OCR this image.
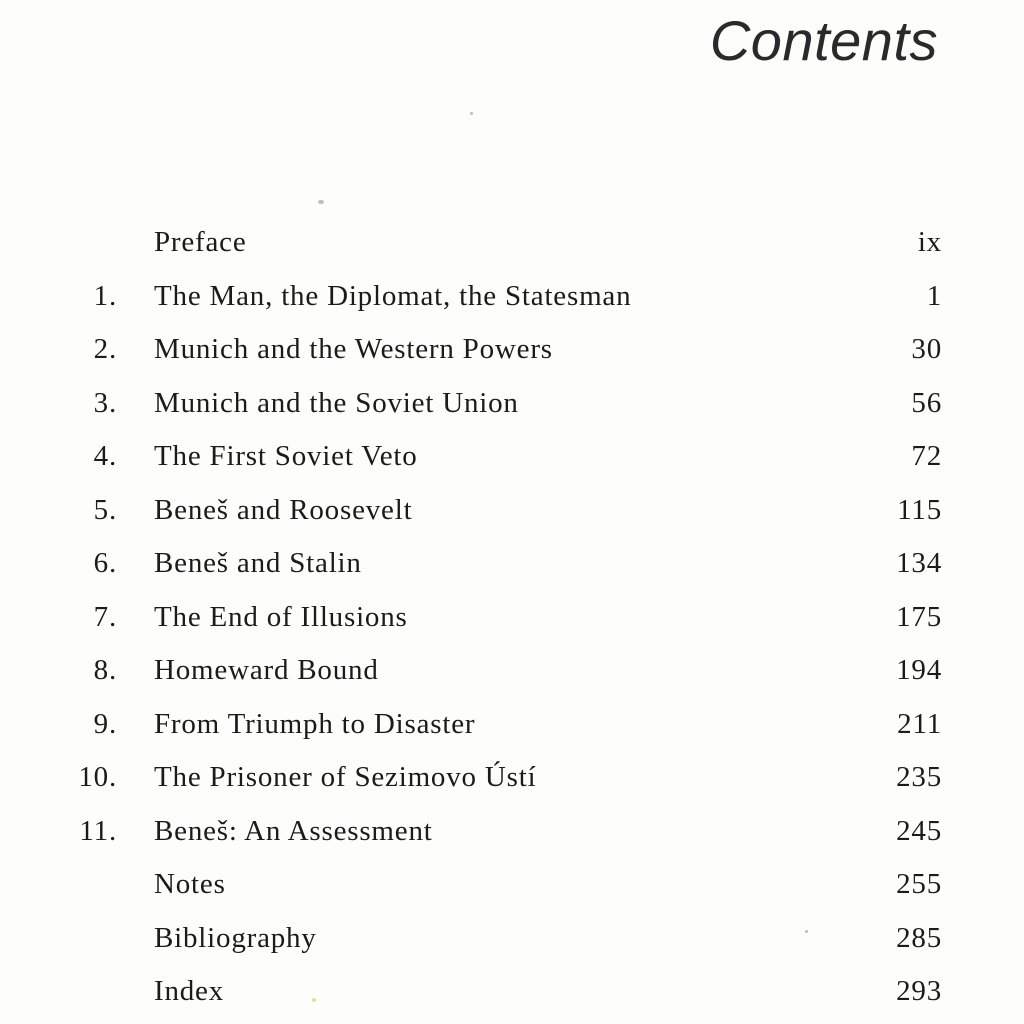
Contents
Preface	ix
1. The Man, the Diplomat, the Statesman	1
2. Munich and the Western Powers	30
3. Munich and the Soviet Union	56
4. The First Soviet Veto	72
5. Beneš and Roosevelt	115
6. Beneš and Stalin	134
7. The End of Illusions	175
8. Homeward Bound	194
9. From Triumph to Disaster	211
10. The Prisoner of Sezimovo Ústí	235
11. Beneš: An Assessment	245
Notes	255
Bibliography	285
Index	293
